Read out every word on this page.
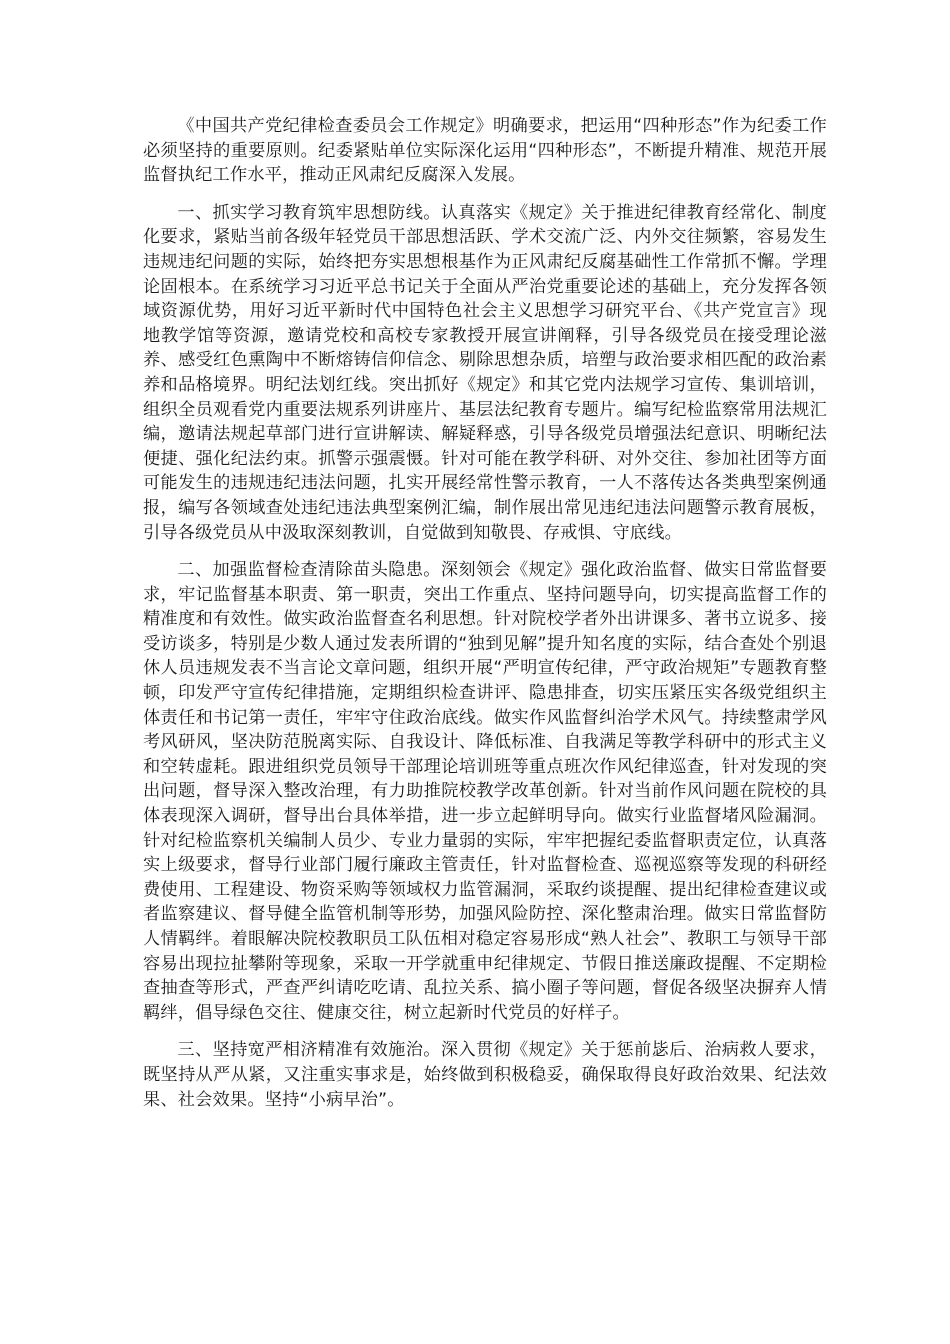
《中国共产党纪律检查委员会工作规定》明确要求，把运用“四种形态”作为纪委工作必须坚持的重要原则。纪委紧贴单位实际深化运用“四种形态”，不断提升精准、规范开展监督执纪工作水平，推动正风肃纪反腐深入发展。

一、抓实学习教育筑牢思想防线。认真落实《规定》关于推进纪律教育经常化、制度化要求，紧贴当前各级年轻党员干部思想活跃、学术交流广泛、内外交往频繁，容易发生违规违纪问题的实际，始终把夯实思想根基作为正风肃纪反腐基础性工作常抓不懈。学理论固根本。在系统学习习近平总书记关于全面从严治党重要论述的基础上，充分发挥各领域资源优势，用好习近平新时代中国特色社会主义思想学习研究平台、《共产党宣言》现地教学馆等资源，邀请党校和高校专家教授开展宣讲阐释，引导各级党员在接受理论滋养、感受红色熏陶中不断熔铸信仰信念、剔除思想杂质，培塑与政治要求相匹配的政治素养和品格境界。明纪法划红线。突出抓好《规定》和其它党内法规学习宣传、集训培训，组织全员观看党内重要法规系列讲座片、基层法纪教育专题片。编写纪检监察常用法规汇编，邀请法规起草部门进行宣讲解读、解疑释惑，引导各级党员增强法纪意识、明晰纪法便捷、强化纪法约束。抓警示强震慑。针对可能在教学科研、对外交往、参加社团等方面可能发生的违规违纪违法问题，扎实开展经常性警示教育，一人不落传达各类典型案例通报，编写各领域查处违纪违法典型案例汇编，制作展出常见违纪违法问题警示教育展板，引导各级党员从中汲取深刻教训，自觉做到知敬畏、存戒惧、守底线。

二、加强监督检查清除苗头隐患。深刻领会《规定》强化政治监督、做实日常监督要求，牢记监督基本职责、第一职责，突出工作重点、坚持问题导向，切实提高监督工作的精准度和有效性。做实政治监督查名利思想。针对院校学者外出讲课多、著书立说多、接受访谈多，特别是少数人通过发表所谓的“独到见解”提升知名度的实际，结合查处个别退休人员违规发表不当言论文章问题，组织开展“严明宣传纪律，严守政治规矩”专题教育整顿，印发严守宣传纪律措施，定期组织检查讲评、隐患排查，切实压紧压实各级党组织主体责任和书记第一责任，牢牢守住政治底线。做实作风监督纠治学术风气。持续整肃学风考风研风，坚决防范脱离实际、自我设计、降低标准、自我满足等教学科研中的形式主义和空转虚耗。跟进组织党员领导干部理论培训班等重点班次作风纪律巡查，针对发现的突出问题，督导深入整改治理，有力助推院校教学改革创新。针对当前作风问题在院校的具体表现深入调研，督导出台具体举措，进一步立起鲜明导向。做实行业监督堵风险漏洞。针对纪检监察机关编制人员少、专业力量弱的实际，牢牢把握纪委监督职责定位，认真落实上级要求，督导行业部门履行廉政主管责任，针对监督检查、巡视巡察等发现的科研经费使用、工程建设、物资采购等领域权力监管漏洞，采取约谈提醒、提出纪律检查建议或者监察建议、督导健全监管机制等形势，加强风险防控、深化整肃治理。做实日常监督防人情羁绊。着眼解决院校教职员工队伍相对稳定容易形成“熟人社会”、教职工与领导干部容易出现拉扯攀附等现象，采取一开学就重申纪律规定、节假日推送廉政提醒、不定期检查抽查等形式，严查严纠请吃吃请、乱拉关系、搞小圈子等问题，督促各级坚决摒弃人情羁绊，倡导绿色交往、健康交往，树立起新时代党员的好样子。

三、坚持宽严相济精准有效施治。深入贯彻《规定》关于惩前毖后、治病救人要求，既坚持从严从紧，又注重实事求是，始终做到积极稳妥，确保取得良好政治效果、纪法效果、社会效果。坚持“小病早治”。
